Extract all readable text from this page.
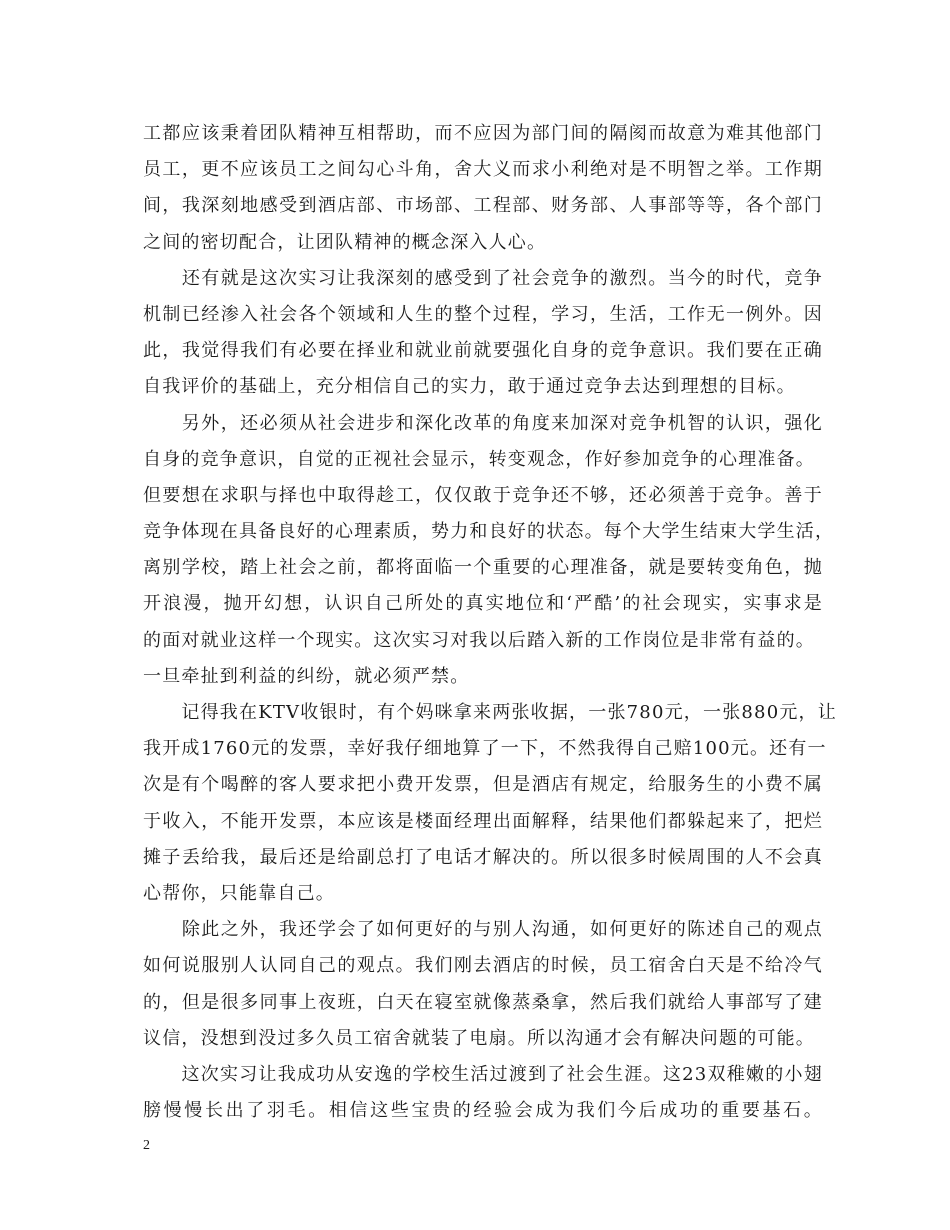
工都应该秉着团队精神互相帮助，而不应因为部门间的隔阂而故意为难其他部门
员工，更不应该员工之间勾心斗角，舍大义而求小利绝对是不明智之举。工作期
间，我深刻地感受到酒店部、市场部、工程部、财务部、人事部等等，各个部门
之间的密切配合，让团队精神的概念深入人心。
　　还有就是这次实习让我深刻的感受到了社会竞争的激烈。当今的时代，竞争
机制已经渗入社会各个领域和人生的整个过程，学习，生活，工作无一例外。因
此，我觉得我们有必要在择业和就业前就要强化自身的竞争意识。我们要在正确
自我评价的基础上，充分相信自己的实力，敢于通过竞争去达到理想的目标。
　　另外，还必须从社会进步和深化改革的角度来加深对竞争机智的认识，强化
自身的竞争意识，自觉的正视社会显示，转变观念，作好参加竞争的心理准备。
但要想在求职与择也中取得趁工，仅仅敢于竞争还不够，还必须善于竞争。善于
竞争体现在具备良好的心理素质，势力和良好的状态。每个大学生结束大学生活，
离别学校，踏上社会之前，都将面临一个重要的心理准备，就是要转变角色，抛
开浪漫，抛开幻想，认识自己所处的真实地位和‘严酷’的社会现实，实事求是
的面对就业这样一个现实。这次实习对我以后踏入新的工作岗位是非常有益的。
一旦牵扯到利益的纠纷，就必须严禁。
　　记得我在KTV收银时，有个妈咪拿来两张收据，一张780元，一张880元，让
我开成1760元的发票，幸好我仔细地算了一下，不然我得自己赔100元。还有一
次是有个喝醉的客人要求把小费开发票，但是酒店有规定，给服务生的小费不属
于收入，不能开发票，本应该是楼面经理出面解释，结果他们都躲起来了，把烂
摊子丢给我，最后还是给副总打了电话才解决的。所以很多时候周围的人不会真
心帮你，只能靠自己。
　　除此之外，我还学会了如何更好的与别人沟通，如何更好的陈述自己的观点
如何说服别人认同自己的观点。我们刚去酒店的时候，员工宿舍白天是不给冷气
的，但是很多同事上夜班，白天在寝室就像蒸桑拿，然后我们就给人事部写了建
议信，没想到没过多久员工宿舍就装了电扇。所以沟通才会有解决问题的可能。
　　这次实习让我成功从安逸的学校生活过渡到了社会生涯。这23双稚嫩的小翅
膀慢慢长出了羽毛。相信这些宝贵的经验会成为我们今后成功的重要基石。
2
